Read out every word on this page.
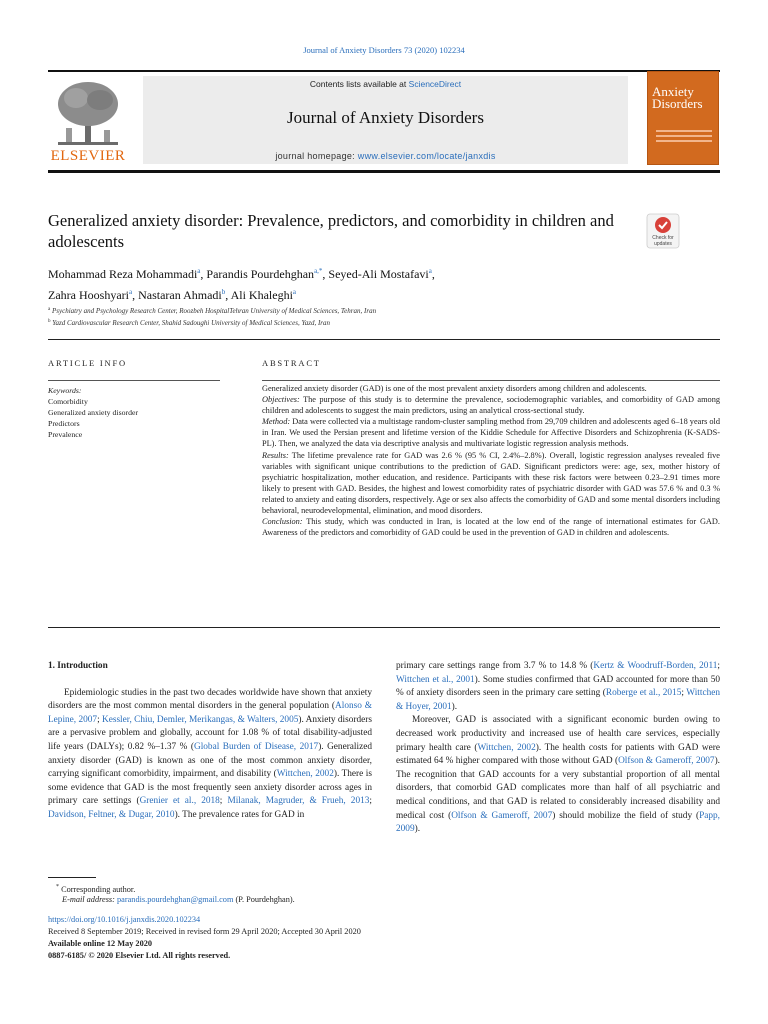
Journal of Anxiety Disorders 73 (2020) 102234
ELSEVIER
Contents lists available at ScienceDirect
Journal of Anxiety Disorders
journal homepage: www.elsevier.com/locate/janxdis
Anxiety
Disorders
Generalized anxiety disorder: Prevalence, predictors, and comorbidity in children and adolescents	Check for updates
Mohammad Reza Mohammadi$^a$, Parandis Pourdehghan$^{a,*}$, Seyed-Ali Mostafavi$^a$,
Zahra Hooshyari$^a$, Nastaran Ahmadi$^b$, Ali Khaleghi$^a$
$^a$ Psychiatry and Psychology Research Center, Roozbeh HospitalTehran University of Medical Sciences, Tehran, Iran
$^b$ Yazd Cardiovascular Research Center, Shahid Sadoughi University of Medical Sciences, Yazd, Iran
ARTICLE INFO	ABSTRACT
Keywords:
Comorbidity
Generalized anxiety disorder
Predictors
Prevalence

Generalized anxiety disorder (GAD) is one of the most prevalent anxiety disorders among children and adolescents.

Objectives: The purpose of this study is to determine the prevalence, sociodemographic variables, and comorbidity of GAD among children and adolescents to suggest the main predictors, using an analytical cross-sectional study.

Method: Data were collected via a multistage random-cluster sampling method from 29,709 children and adolescents aged 6–18 years old in Iran. We used the Persian present and lifetime version of the Kiddie Schedule for Affective Disorders and Schizophrenia (K-SADS-PL). Then, we analyzed the data via descriptive analysis and multivariate logistic regression analysis methods.

Results: The lifetime prevalence rate for GAD was 2.6 % (95 % CI, 2.4%–2.8%). Overall, logistic regression analyses revealed five variables with significant unique contributions to the prediction of GAD. Significant predictors were: age, sex, mother history of psychiatric hospitalization, mother education, and residence. Participants with these risk factors were between 0.23–2.91 times more likely to present with GAD. Besides, the highest and lowest comorbidity rates of psychiatric disorder with GAD was 57.6 % and 0.3 % related to anxiety and eating disorders, respectively. Age or sex also affects the comorbidity of GAD and some mental disorders including behavioral, neurodevelopmental, elimination, and mood disorders.

Conclusion: This study, which was conducted in Iran, is located at the low end of the range of international estimates for GAD. Awareness of the predictors and comorbidity of GAD could be used in the prevention of GAD in children and adolescents.

1. Introduction

Epidemiologic studies in the past two decades worldwide have shown that anxiety disorders are the most common mental disorders in the general population (Alonso & Lepine, 2007; Kessler, Chiu, Demler, Merikangas, & Walters, 2005). Anxiety disorders are a pervasive problem and globally, account for 1.08 % of total disability-adjusted life years (DALYs); 0.82 %–1.37 % (Global Burden of Disease, 2017). Generalized anxiety disorder (GAD) is known as one of the most common anxiety disorder, carrying significant comorbidity, impairment, and disability (Wittchen, 2002). There is some evidence that GAD is the most frequently seen anxiety disorder across ages in primary care settings (Grenier et al., 2018; Milanak, Magruder, & Frueh, 2013; Davidson, Feltner, & Dugar, 2010). The prevalence rates for GAD in

primary care settings range from 3.7 % to 14.8 % (Kertz & Woodruff-Borden, 2011; Wittchen et al., 2001). Some studies confirmed that GAD accounted for more than 50 % of anxiety disorders seen in the primary care setting (Roberge et al., 2015; Wittchen & Hoyer, 2001).

Moreover, GAD is associated with a significant economic burden owing to decreased work productivity and increased use of health care services, especially primary health care (Wittchen, 2002). The health costs for patients with GAD were estimated 64 % higher compared with those without GAD (Olfson & Gameroff, 2007). The recognition that GAD accounts for a very substantial proportion of all mental disorders, that comorbid GAD complicates more than half of all psychiatric and medical conditions, and that GAD is related to considerably increased disability and medical cost (Olfson & Gameroff, 2007) should mobilize the field of study (Papp, 2009).

* Corresponding author.
E-mail address: parandis.pourdehghan@gmail.com (P. Pourdehghan).
https://doi.org/10.1016/j.janxdis.2020.102234
Received 8 September 2019; Received in revised form 29 April 2020; Accepted 30 April 2020
Available online 12 May 2020
0887-6185/ © 2020 Elsevier Ltd. All rights reserved.
